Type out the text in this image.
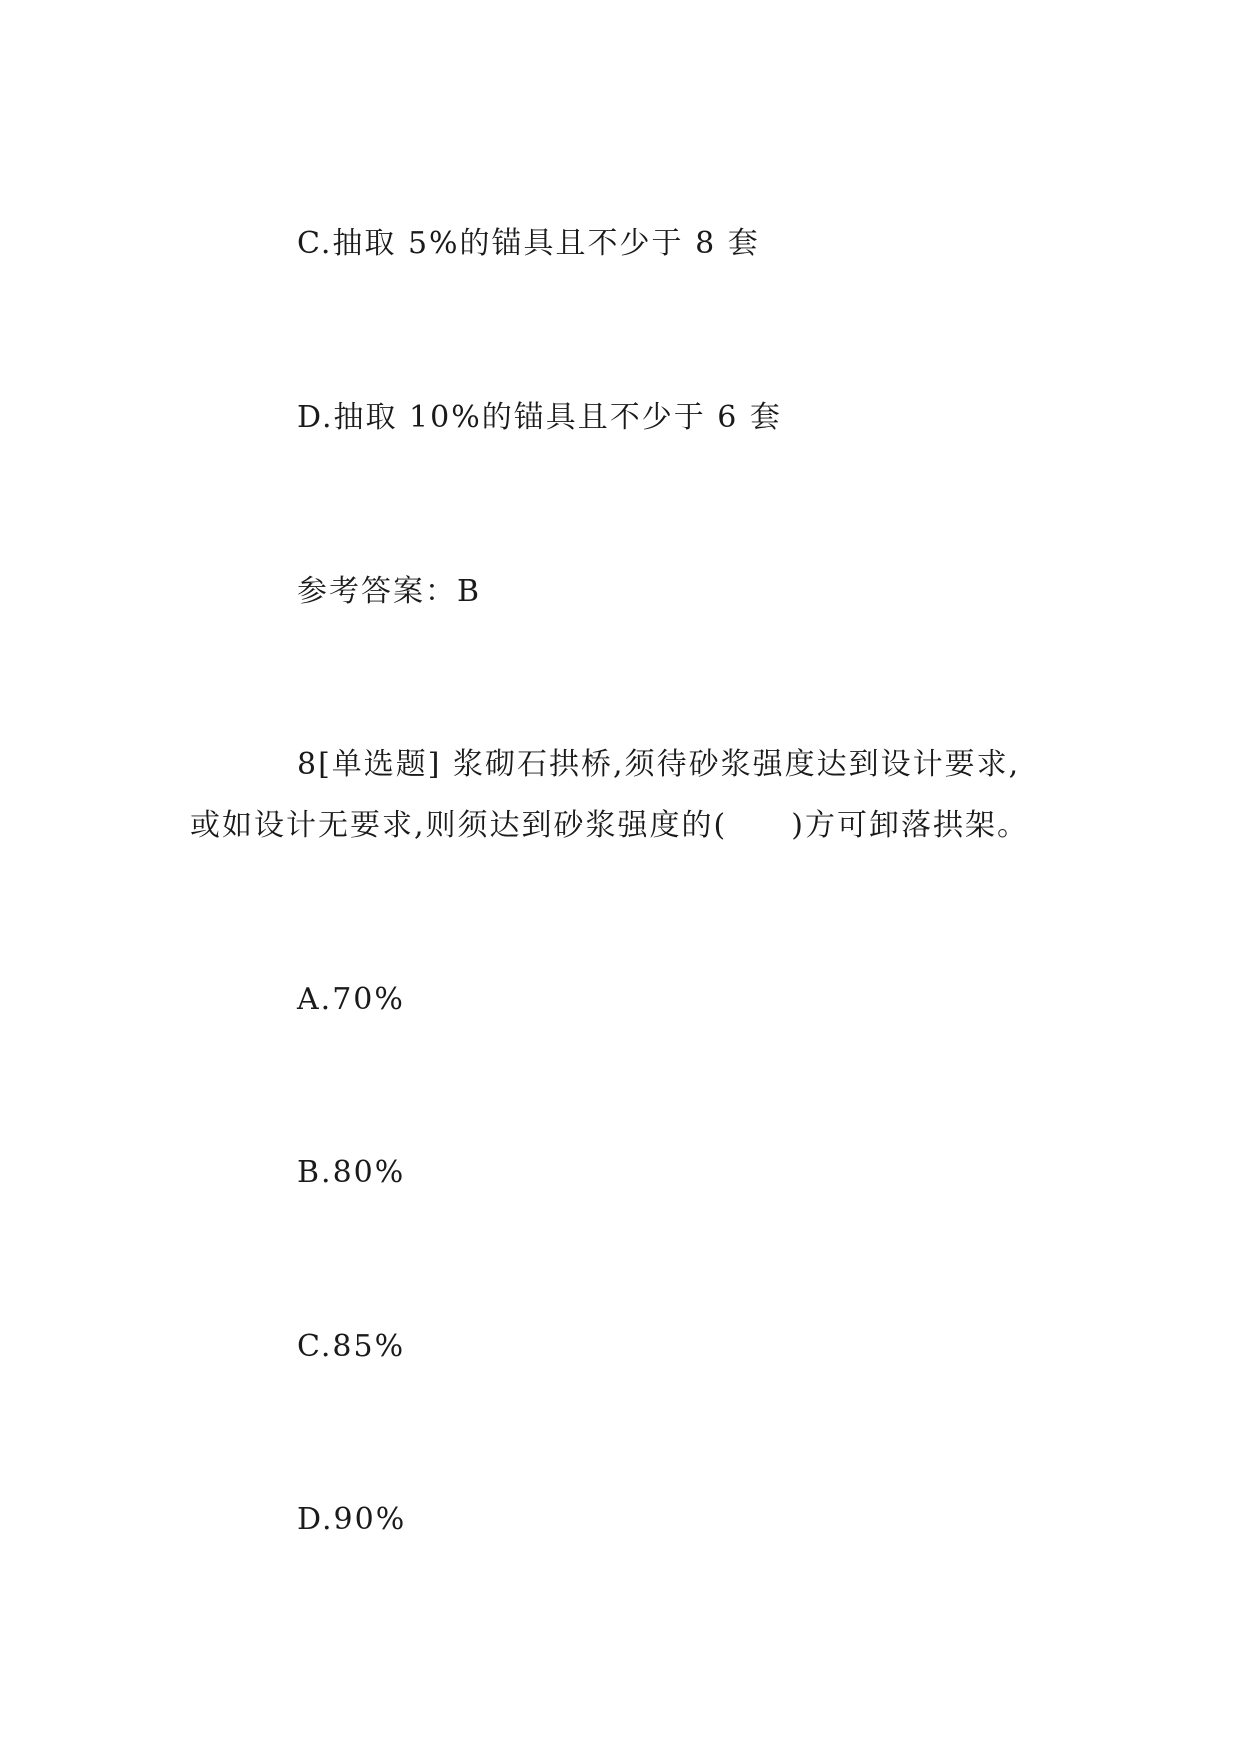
C.抽取 5%的锚具且不少于 8 套
D.抽取 10%的锚具且不少于 6 套
参考答案：B
8[单选题] 浆砌石拱桥,须待砂浆强度达到设计要求,
或如设计无要求,则须达到砂浆强度的(　　)方可卸落拱架。
A.70%
B.80%
C.85%
D.90%
